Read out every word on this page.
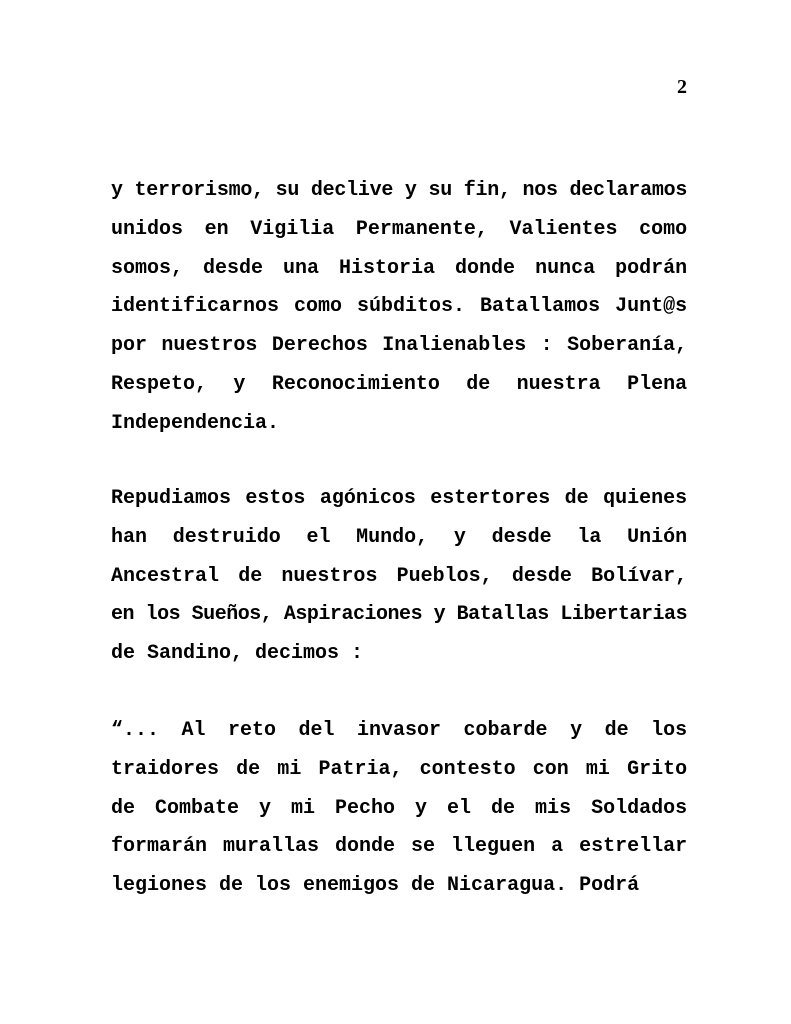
2
y terrorismo, su declive y su fin, nos declaramos
unidos en Vigilia Permanente, Valientes como
somos, desde una Historia donde nunca podrán
identificarnos como súbditos. Batallamos Junt@s
por nuestros Derechos Inalienables : Soberanía,
Respeto, y Reconocimiento de nuestra Plena
Independencia.
Repudiamos estos agónicos estertores de quienes
han destruido el Mundo, y desde la Unión
Ancestral de nuestros Pueblos, desde Bolívar,
en los Sueños, Aspiraciones y Batallas Libertarias
de Sandino, decimos :
“... Al reto del invasor cobarde y de los
traidores de mi Patria, contesto con mi Grito
de Combate y mi Pecho y el de mis Soldados
formarán murallas donde se lleguen a estrellar
legiones de los enemigos de Nicaragua. Podrá
